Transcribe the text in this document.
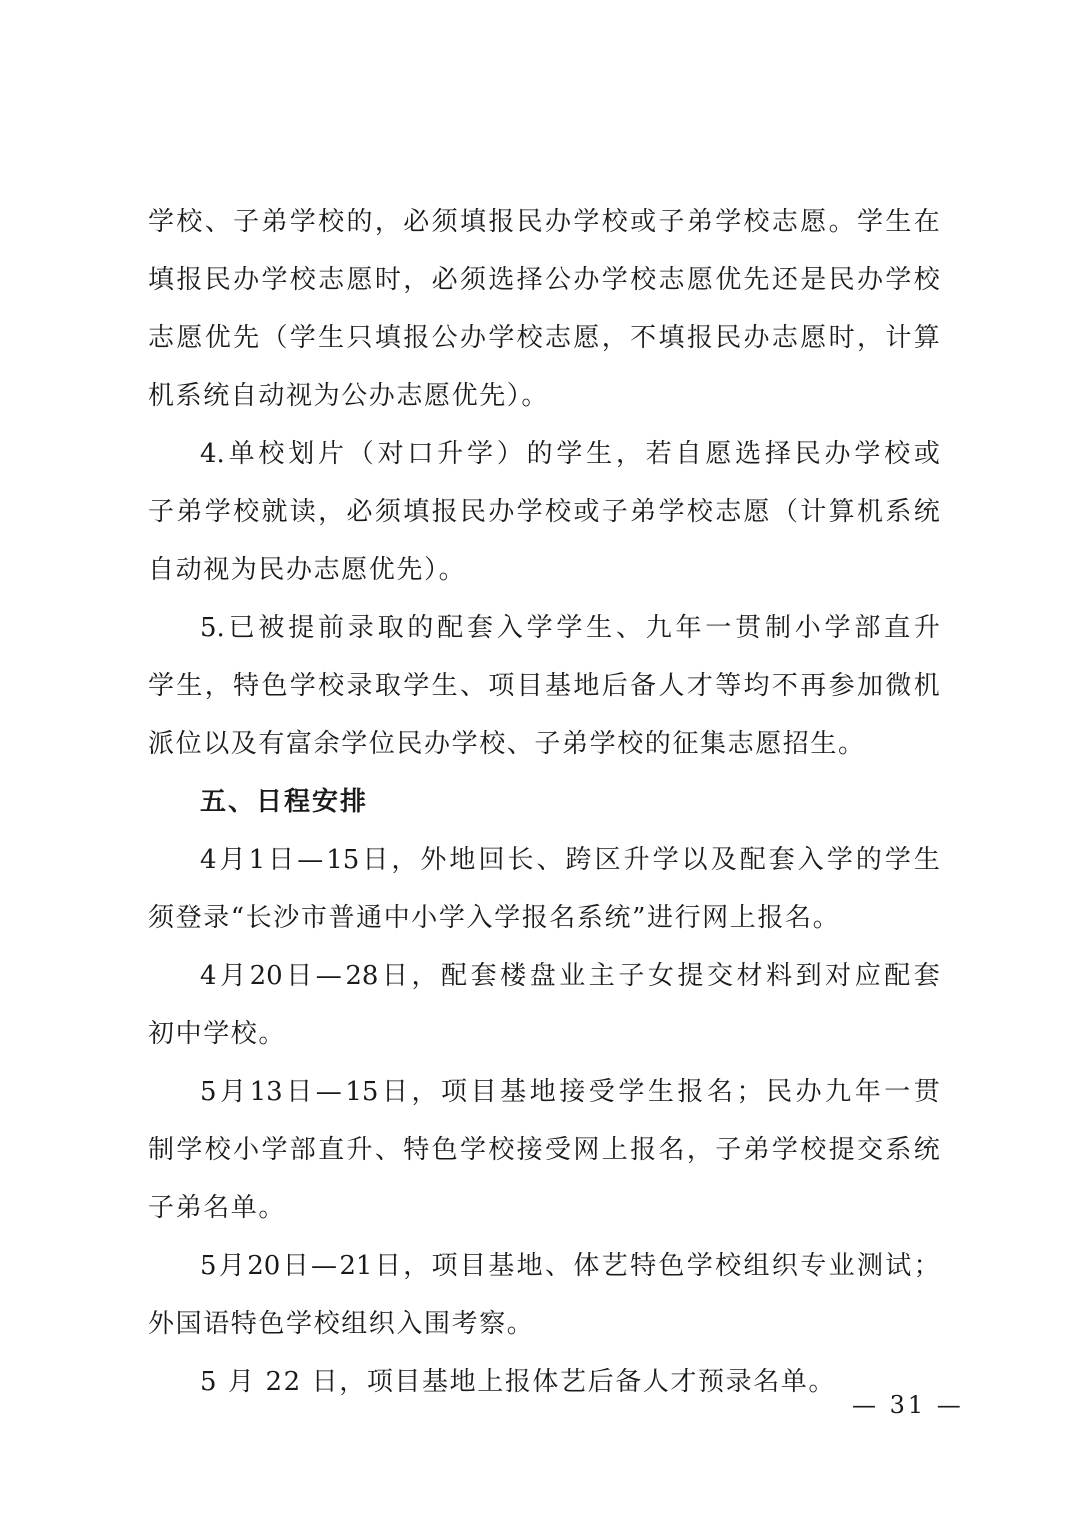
学 校 、 子 弟 学 校 的 ， 必 须 填 报 民 办 学 校 或 子 弟 学 校 志 愿 。 学 生 在
填 报 民 办 学 校 志 愿 时 ， 必 须 选 择 公 办 学 校 志 愿 优 先 还 是 民 办 学 校
志 愿 优 先 （ 学 生 只 填 报 公 办 学 校 志 愿 ， 不 填 报 民 办 志 愿 时 ， 计 算
机系统自动视为公办志愿优先）。
4. 单 校 划 片 （ 对 口 升 学 ） 的 学 生 ， 若 自 愿 选 择 民 办 学 校 或
子 弟 学 校 就 读 ， 必 须 填 报 民 办 学 校 或 子 弟 学 校 志 愿 （ 计 算 机 系 统
自动视为民办志愿优先）。
5. 已 被 提 前 录 取 的 配 套 入 学 学 生 、 九 年 一 贯 制 小 学 部 直 升
学 生 ， 特 色 学 校 录 取 学 生 、 项 目 基 地 后 备 人 才 等 均 不 再 参 加 微 机
派位以及有富余学位民办学校、子弟学校的征集志愿招生。
五、日程安排
4 月 1 日 — 15 日 ， 外 地 回 长 、 跨 区 升 学 以 及 配 套 入 学 的 学 生
须登录“长沙市普通中小学入学报名系统”进行网上报名。
4 月 20 日 — 28 日 ， 配 套 楼 盘 业 主 子 女 提 交 材 料 到 对 应 配 套
初中学校。
5 月 13 日 — 15 日 ， 项 目 基 地 接 受 学 生 报 名 ； 民 办 九 年 一 贯
制 学 校 小 学 部 直 升 、 特 色 学 校 接 受 网 上 报 名 ， 子 弟 学 校 提 交 系 统
子弟名单。
5 月 20 日 — 21 日 ， 项 目 基 地 、 体 艺 特 色 学 校 组 织 专 业 测 试 ；
外国语特色学校组织入围考察。
5 月 22 日，项目基地上报体艺后备人才预录名单。
— 31 —
